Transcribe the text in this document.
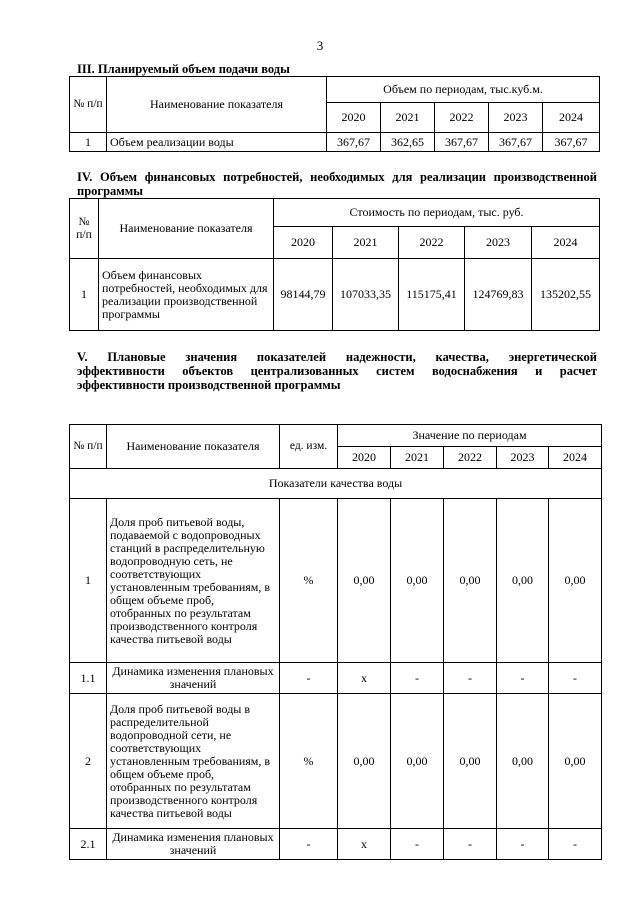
3
III. Планируемый объем подачи воды
№ п/п	Наименование показателя	Объем по периодам, тыс.куб.м.				
		2020	2021	2022	2023	2024
1	Объем реализации воды	367,67	362,65	367,67	367,67	367,67
IV. Объем финансовых потребностей, необходимых для реализации производственной
программы
№ п/п	Наименование показателя	Стоимость по периодам, тыс. руб.				
		2020	2021	2022	2023	2024
1	Объем финансовых потребностей, необходимых для реализации производственной программы	98144,79	107033,35	115175,41	124769,83	135202,55
V. Плановые значения показателей надежности, качества, энергетической
эффективности объектов централизованных систем водоснабжения и расчет
эффективности производственной программы
№ п/п	Наименование показателя	ед. изм.	Значение по периодам				
			2020	2021	2022	2023	2024
Показатели качества воды							
1	Доля проб питьевой воды, подаваемой с водопроводных станций в распределительную водопроводную сеть, не соответствующих установленным требованиям, в общем объеме проб, отобранных по результатам производственного контроля качества питьевой воды	%	0,00	0,00	0,00	0,00	0,00
1.1	Динамика изменения плановых значений	-	х	-	-	-	-
2	Доля проб питьевой воды в распределительной водопроводной сети, не соответствующих установленным требованиям, в общем объеме проб, отобранных по результатам производственного контроля качества питьевой воды	%	0,00	0,00	0,00	0,00	0,00
2.1	Динамика изменения плановых значений	-	х	-	-	-	-
